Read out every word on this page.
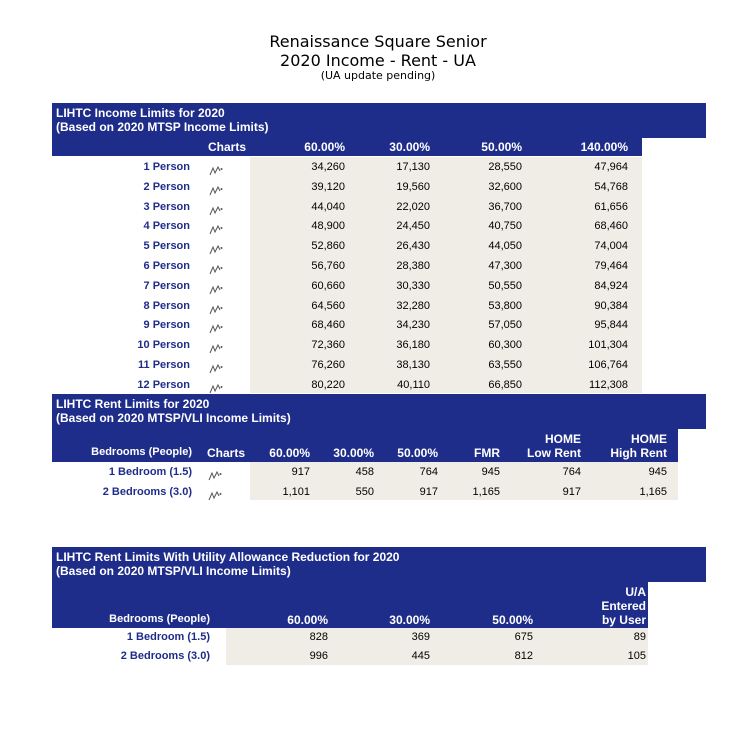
Renaissance Square Senior
2020 Income - Rent - UA
(UA update pending)
LIHTC Income Limits for 2020
(Based on 2020 MTSP Income Limits)
Charts	60.00%	30.00%	50.00%	140.00%
1 Person	34,260	17,130	28,550	47,964
2 Person	39,120	19,560	32,600	54,768
3 Person	44,040	22,020	36,700	61,656
4 Person	48,900	24,450	40,750	68,460
5 Person	52,860	26,430	44,050	74,004
6 Person	56,760	28,380	47,300	79,464
7 Person	60,660	30,330	50,550	84,924
8 Person	64,560	32,280	53,800	90,384
9 Person	68,460	34,230	57,050	95,844
10 Person	72,360	36,180	60,300	101,304
11 Person	76,260	38,130	63,550	106,764
12 Person	80,220	40,110	66,850	112,308
LIHTC Rent Limits for 2020
(Based on 2020 MTSP/VLI Income Limits)
Bedrooms (People) Charts	60.00%	30.00%	50.00%	FMR
HOME
Low Rent
HOME
High Rent
1 Bedroom (1.5)	917	458	764	945	764	945
2 Bedrooms (3.0)	1,101	550	917	1,165	917	1,165
LIHTC Rent Limits With Utility Allowance Reduction for 2020
(Based on 2020 MTSP/VLI Income Limits)
Bedrooms (People)	60.00%	30.00%	50.00%
U/A
Entered
by User
1 Bedroom (1.5)	828	369	675	89
2 Bedrooms (3.0)	996	445	812	105
